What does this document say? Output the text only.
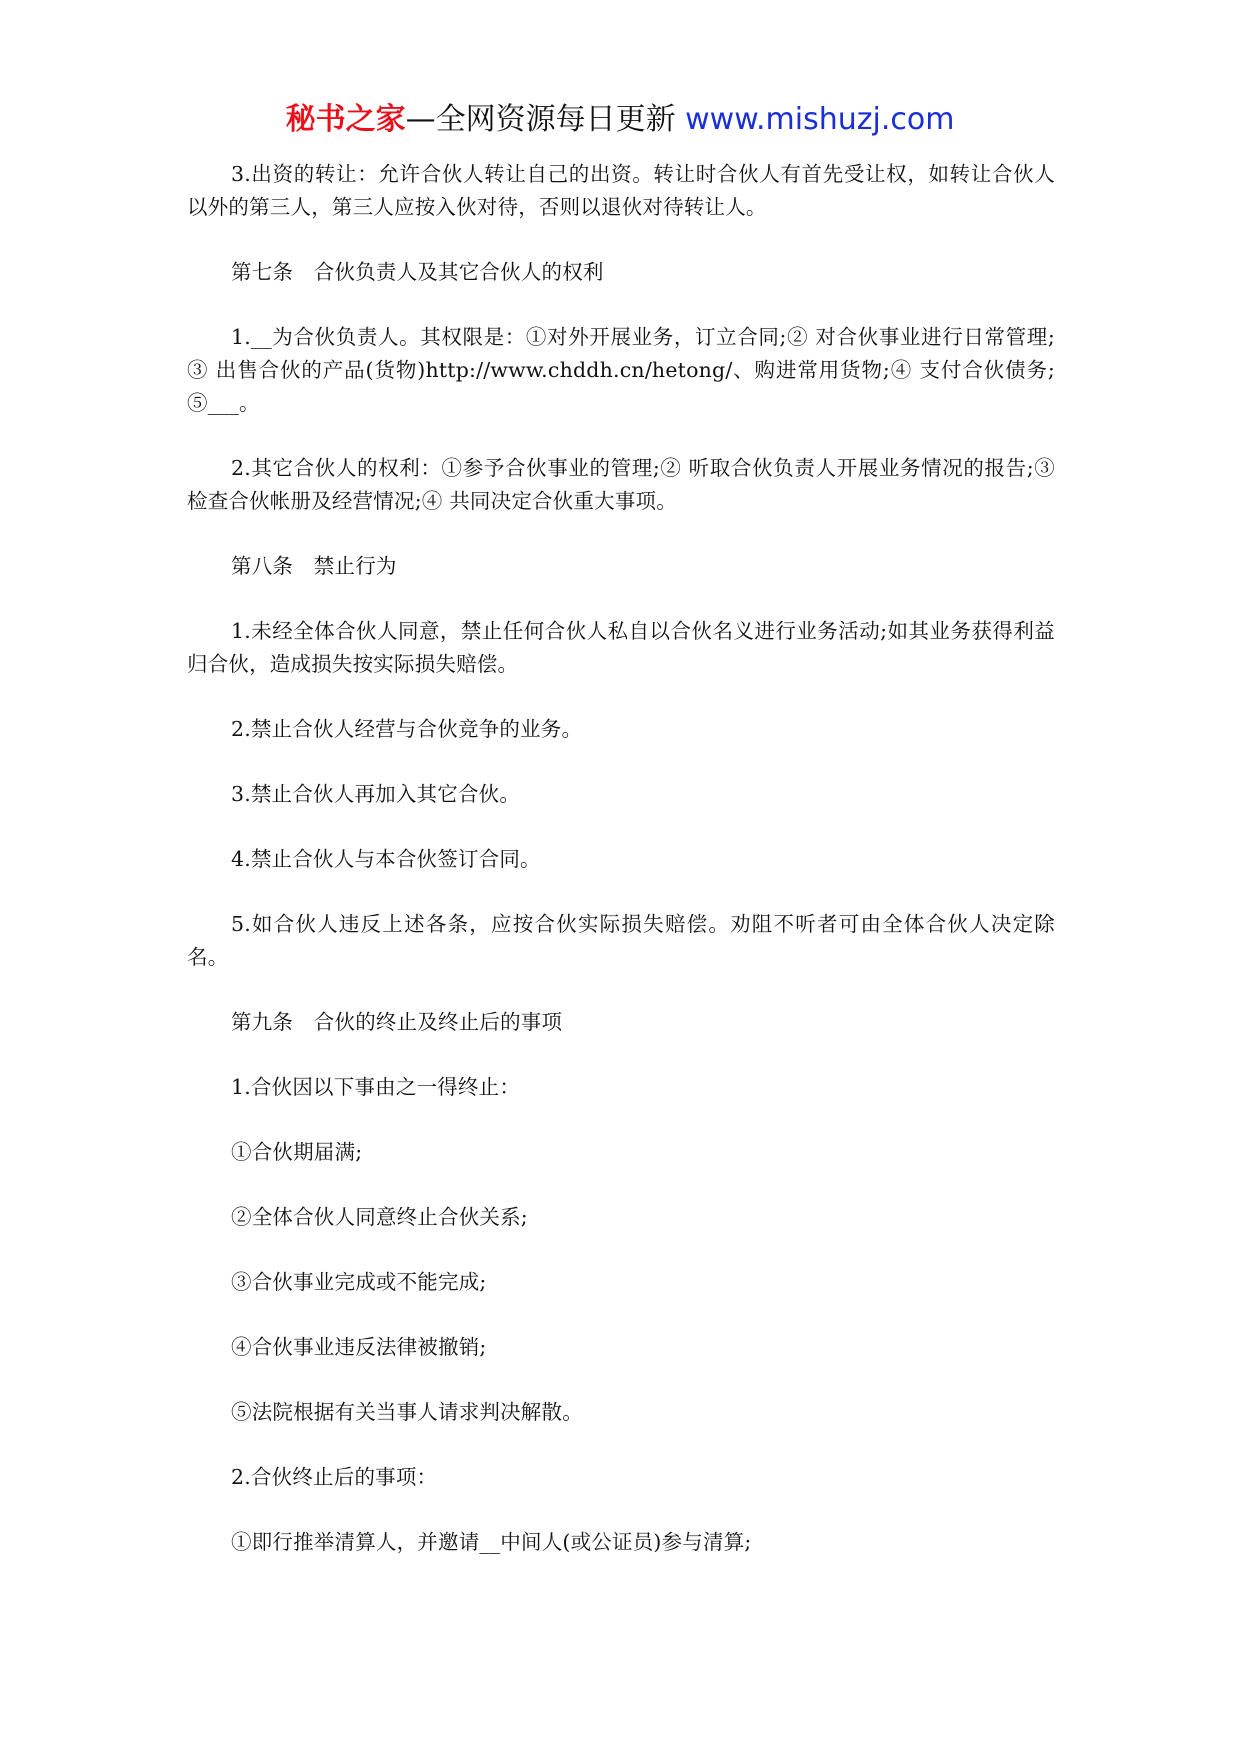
秘书之家—全网资源每日更新 www.mishuzj.com

3.出资的转让：允许合伙人转让自己的出资。转让时合伙人有首先受让权，如转让合伙人以外的第三人，第三人应按入伙对待，否则以退伙对待转让人。

第七条　合伙负责人及其它合伙人的权利

1.__为合伙负责人。其权限是：①对外开展业务，订立合同;② 对合伙事业进行日常管理;③ 出售合伙的产品(货物)http://www.chddh.cn/hetong/、购进常用货物;④ 支付合伙债务;⑤___。

2.其它合伙人的权利：①参予合伙事业的管理;② 听取合伙负责人开展业务情况的报告;③ 检查合伙帐册及经营情况;④ 共同决定合伙重大事项。

第八条　禁止行为

1.未经全体合伙人同意，禁止任何合伙人私自以合伙名义进行业务活动;如其业务获得利益归合伙，造成损失按实际损失赔偿。

2.禁止合伙人经营与合伙竞争的业务。

3.禁止合伙人再加入其它合伙。

4.禁止合伙人与本合伙签订合同。

5.如合伙人违反上述各条，应按合伙实际损失赔偿。劝阻不听者可由全体合伙人决定除名。

第九条　合伙的终止及终止后的事项

1.合伙因以下事由之一得终止：

①合伙期届满;

②全体合伙人同意终止合伙关系;

③合伙事业完成或不能完成;

④合伙事业违反法律被撤销;

⑤法院根据有关当事人请求判决解散。

2.合伙终止后的事项：

①即行推举清算人，并邀请__中间人(或公证员)参与清算;
